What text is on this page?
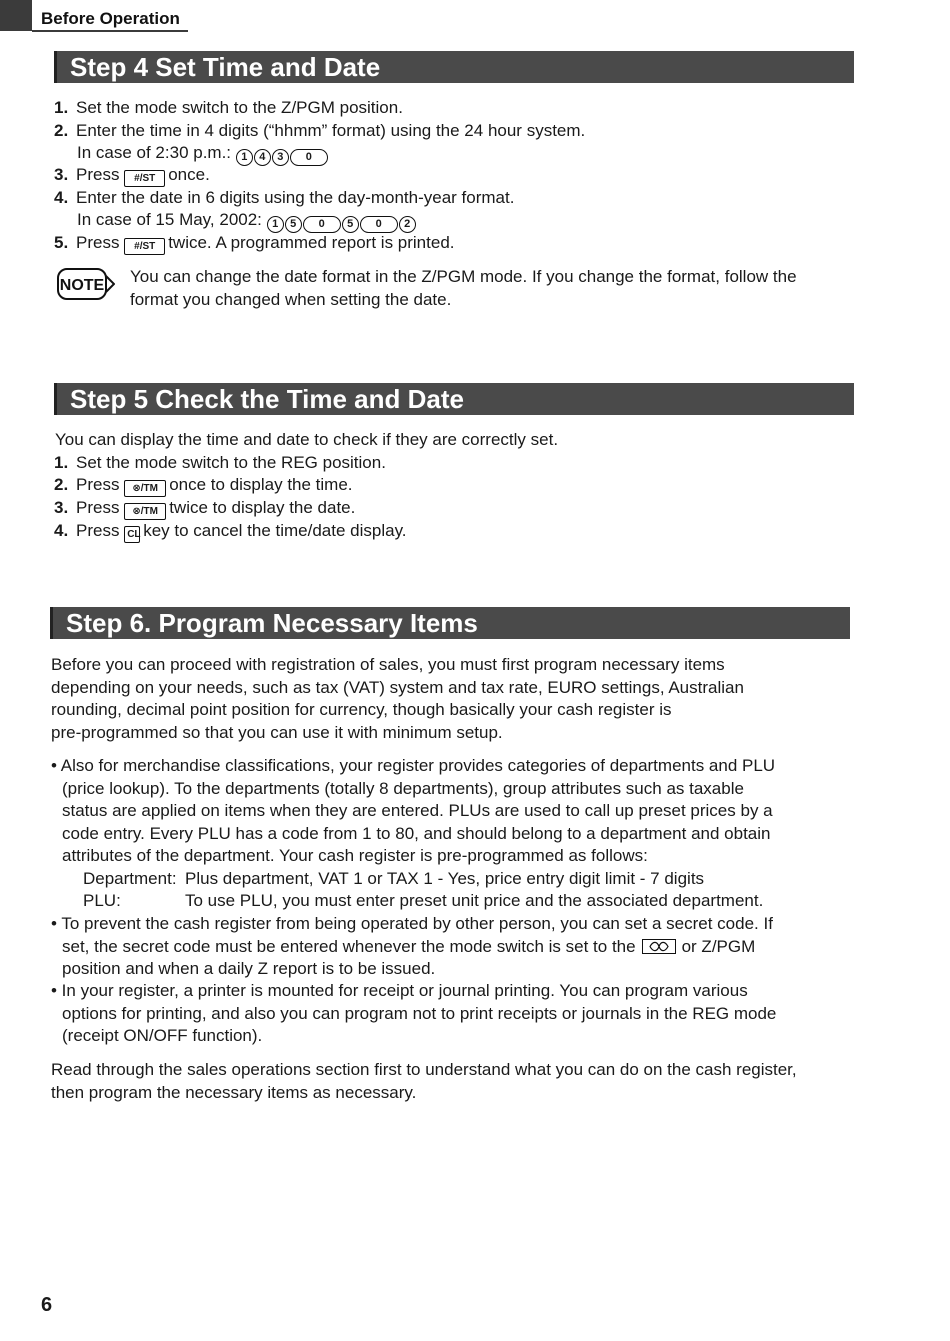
Before Operation
Step 4 Set Time and Date
1. Set the mode switch to the Z/PGM position.
2. Enter the time in 4 digits (“hhmm” format) using the 24 hour system.
In case of 2:30 p.m.: 1 4 3 0
3. Press #/ST once.
4. Enter the date in 6 digits using the day-month-year format.
In case of 15 May, 2002: 1 5 0 5 0 2
5. Press #/ST twice. A programmed report is printed.
NOTE You can change the date format in the Z/PGM mode. If you change the format, follow the
format you changed when setting the date.
Step 5 Check the Time and Date
You can display the time and date to check if they are correctly set.
1. Set the mode switch to the REG position.
2. Press ⊗/TM once to display the time.
3. Press ⊗/TM twice to display the date.
4. Press CL key to cancel the time/date display.
Step 6. Program Necessary Items
Before you can proceed with registration of sales, you must first program necessary items
depending on your needs, such as tax (VAT) system and tax rate, EURO settings, Australian
rounding, decimal point position for currency, though basically your cash register is
pre-programmed so that you can use it with minimum setup.
• Also for merchandise classifications, your register provides categories of departments and PLU
(price lookup). To the departments (totally 8 departments), group attributes such as taxable
status are applied on items when they are entered. PLUs are used to call up preset prices by a
code entry. Every PLU has a code from 1 to 80, and should belong to a department and obtain
attributes of the department. Your cash register is pre-programmed as follows:
Department: Plus department, VAT 1 or TAX 1 - Yes, price entry digit limit - 7 digits
PLU:	To use PLU, you must enter preset unit price and the associated department.
• To prevent the cash register from being operated by other person, you can set a secret code. If
set, the secret code must be entered whenever the mode switch is set to the	or Z/PGM
position and when a daily Z report is to be issued.
• In your register, a printer is mounted for receipt or journal printing. You can program various
options for printing, and also you can program not to print receipts or journals in the REG mode
(receipt ON/OFF function).
Read through the sales operations section first to understand what you can do on the cash register,
then program the necessary items as necessary.
6
